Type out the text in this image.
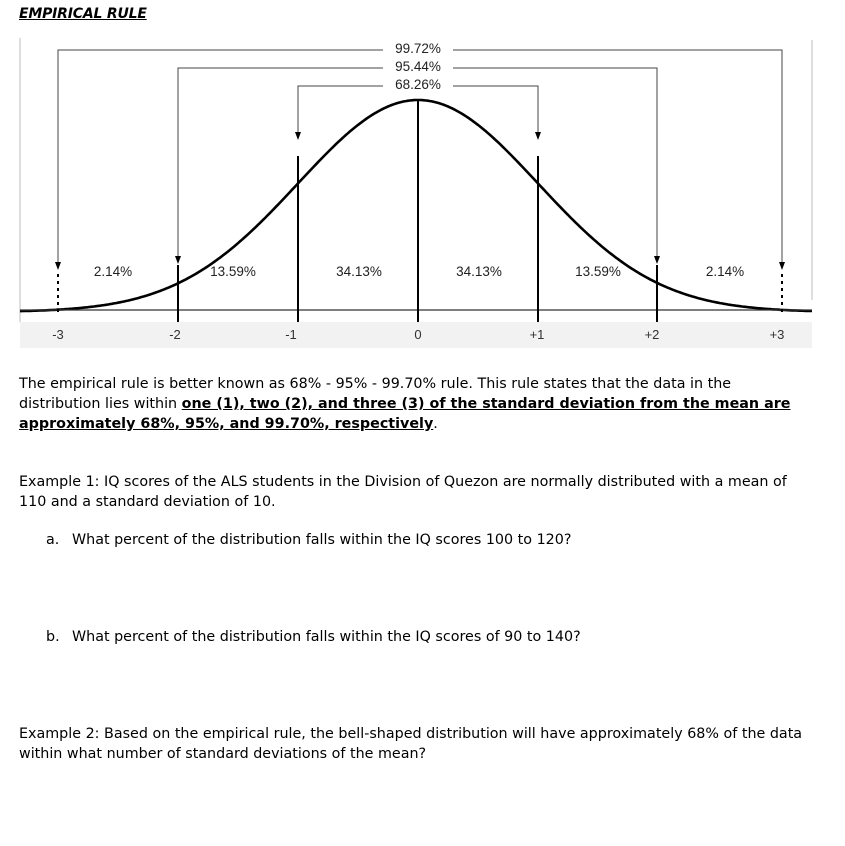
EMPIRICAL RULE
99.72%
95.44%
68.26%
2.14%	13.59%	34.13%	34.13%	13.59%	2.14%
-3	-2	-1	0	+1	+2	+3
The empirical rule is better known as 68% - 95% - 99.70% rule. This rule states that the data in the distribution lies within one (1), two (2), and three (3) of the standard deviation from the mean are approximately 68%, 95%, and 99.70%, respectively.
Example 1: IQ scores of the ALS students in the Division of Quezon are normally distributed with a mean of 110 and a standard deviation of 10.
a. What percent of the distribution falls within the IQ scores 100 to 120?
b. What percent of the distribution falls within the IQ scores of 90 to 140?
Example 2: Based on the empirical rule, the bell-shaped distribution will have approximately 68% of the data within what number of standard deviations of the mean?
